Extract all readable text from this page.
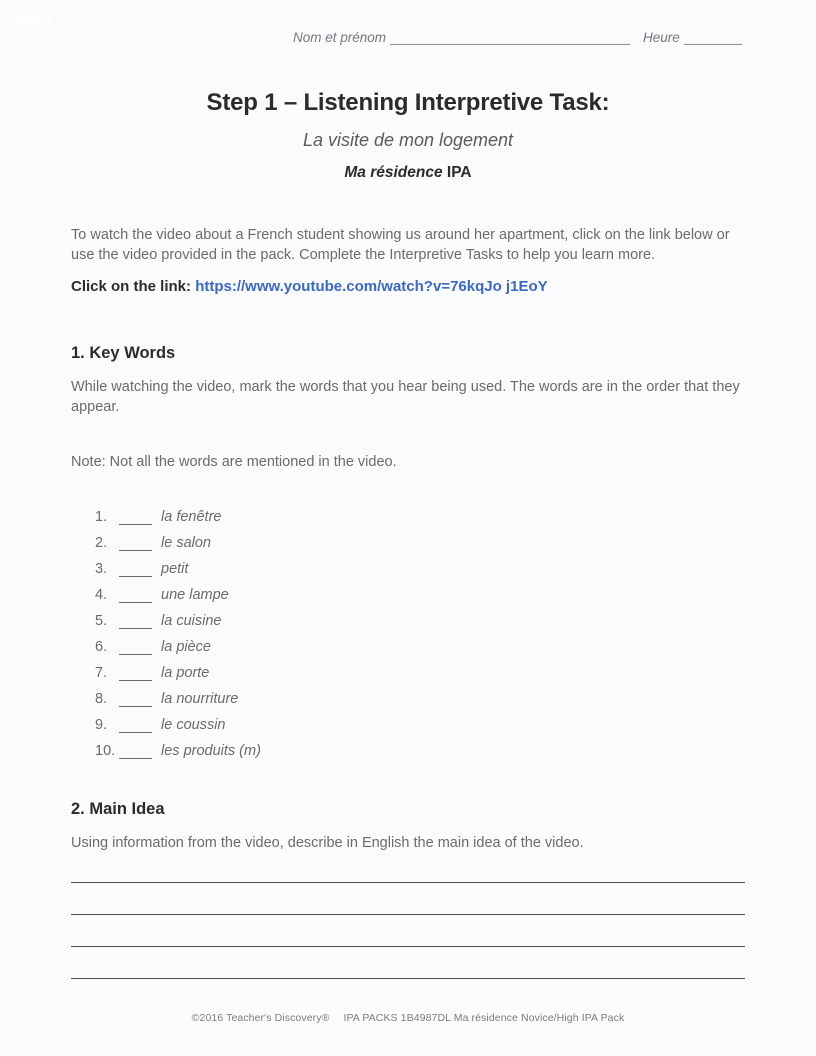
Step 1
Nom et prénom	Heure
Step 1 – Listening Interpretive Task:
La visite de mon logement
Ma résidence IPA

To watch the video about a French student showing us around her apartment, click on the link below or use the video provided in the pack. Complete the Interpretive Tasks to help you learn more.

Click on the link: https://www.youtube.com/watch?v=76kqJo j1EoY
1. Key Words

While watching the video, mark the words that you hear being used. The words are in the order that they appear.

Note: Not all the words are mentioned in the video.

1.	la fenêtre
2.	le salon
3.	petit
4.	une lampe
5.	la cuisine
6.	la pièce
7.	la porte
8.	la nourriture
9.	le coussin
10.	les produits (m)
2. Main Idea

Using information from the video, describe in English the main idea of the video.

©2016 Teacher's Discovery® IPA PACKS 1B4987DL Ma résidence Novice/High IPA Pack
